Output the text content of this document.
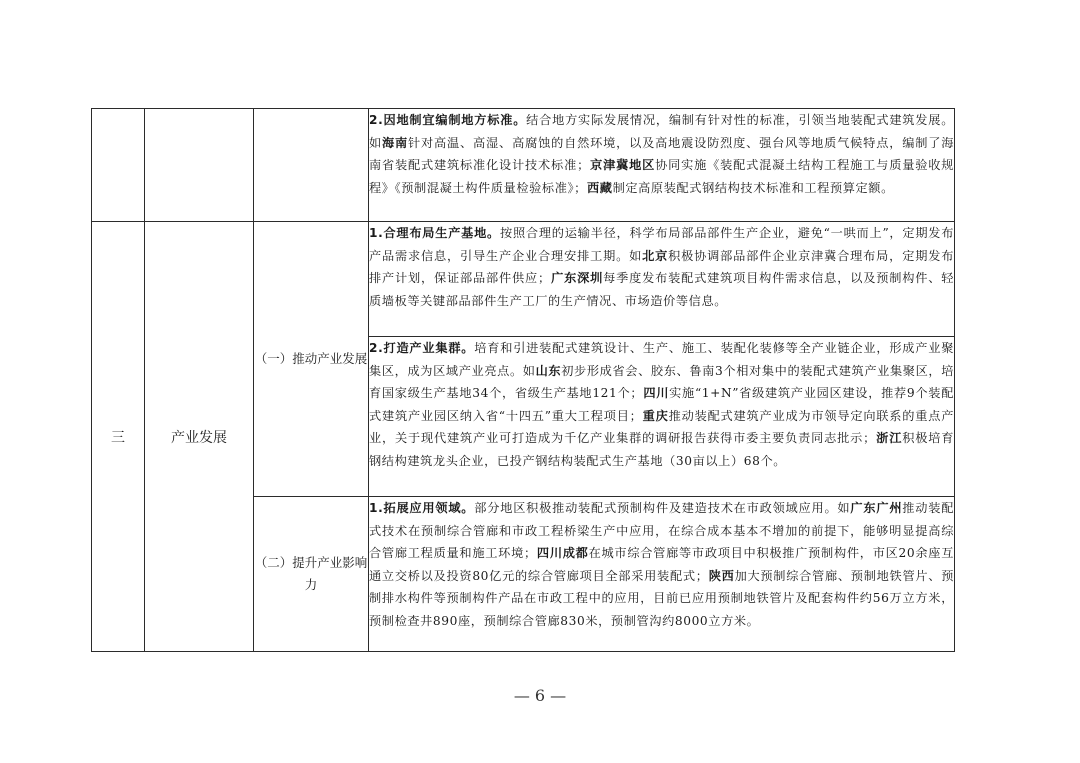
			2.因地制宜编制地方标准。结合地方实际发展情况，编制有针对性的标准，引领当地装配式建筑发展。如海南针对高温、高湿、高腐蚀的自然环境，以及高地震设防烈度、强台风等地质气候特点，编制了海南省装配式建筑标准化设计技术标准；京津冀地区协同实施《装配式混凝土结构工程施工与质量验收规程》《预制混凝土构件质量检验标准》；西藏制定高原装配式钢结构技术标准和工程预算定额。

三	产业发展	（一）推动产业发展	1.合理布局生产基地。按照合理的运输半径，科学布局部品部件生产企业，避免“一哄而上”，定期发布产品需求信息，引导生产企业合理安排工期。如北京积极协调部品部件企业京津冀合理布局，定期发布排产计划，保证部品部件供应；广东深圳每季度发布装配式建筑项目构件需求信息，以及预制构件、轻质墙板等关键部品部件生产工厂的生产情况、市场造价等信息。

			2.打造产业集群。培育和引进装配式建筑设计、生产、施工、装配化装修等全产业链企业，形成产业聚集区，成为区域产业亮点。如山东初步形成省会、胶东、鲁南3个相对集中的装配式建筑产业集聚区，培育国家级生产基地34个，省级生产基地121个；四川实施“1+N”省级建筑产业园区建设，推荐9个装配式建筑产业园区纳入省“十四五”重大工程项目；重庆推动装配式建筑产业成为市领导定向联系的重点产业，关于现代建筑产业可打造成为千亿产业集群的调研报告获得市委主要负责同志批示；浙江积极培育钢结构建筑龙头企业，已投产钢结构装配式生产基地（30亩以上）68个。

		（二）提升产业影响力	1.拓展应用领域。部分地区积极推动装配式预制构件及建造技术在市政领域应用。如广东广州推动装配式技术在预制综合管廊和市政工程桥梁生产中应用，在综合成本基本不增加的前提下，能够明显提高综合管廊工程质量和施工环境；四川成都在城市综合管廊等市政项目中积极推广预制构件，市区20余座互通立交桥以及投资80亿元的综合管廊项目全部采用装配式；陕西加大预制综合管廊、预制地铁管片、预制排水构件等预制构件产品在市政工程中的应用，目前已应用预制地铁管片及配套构件约56万立方米，预制检查井890座，预制综合管廊830米，预制管沟约8000立方米。

— 6 —
